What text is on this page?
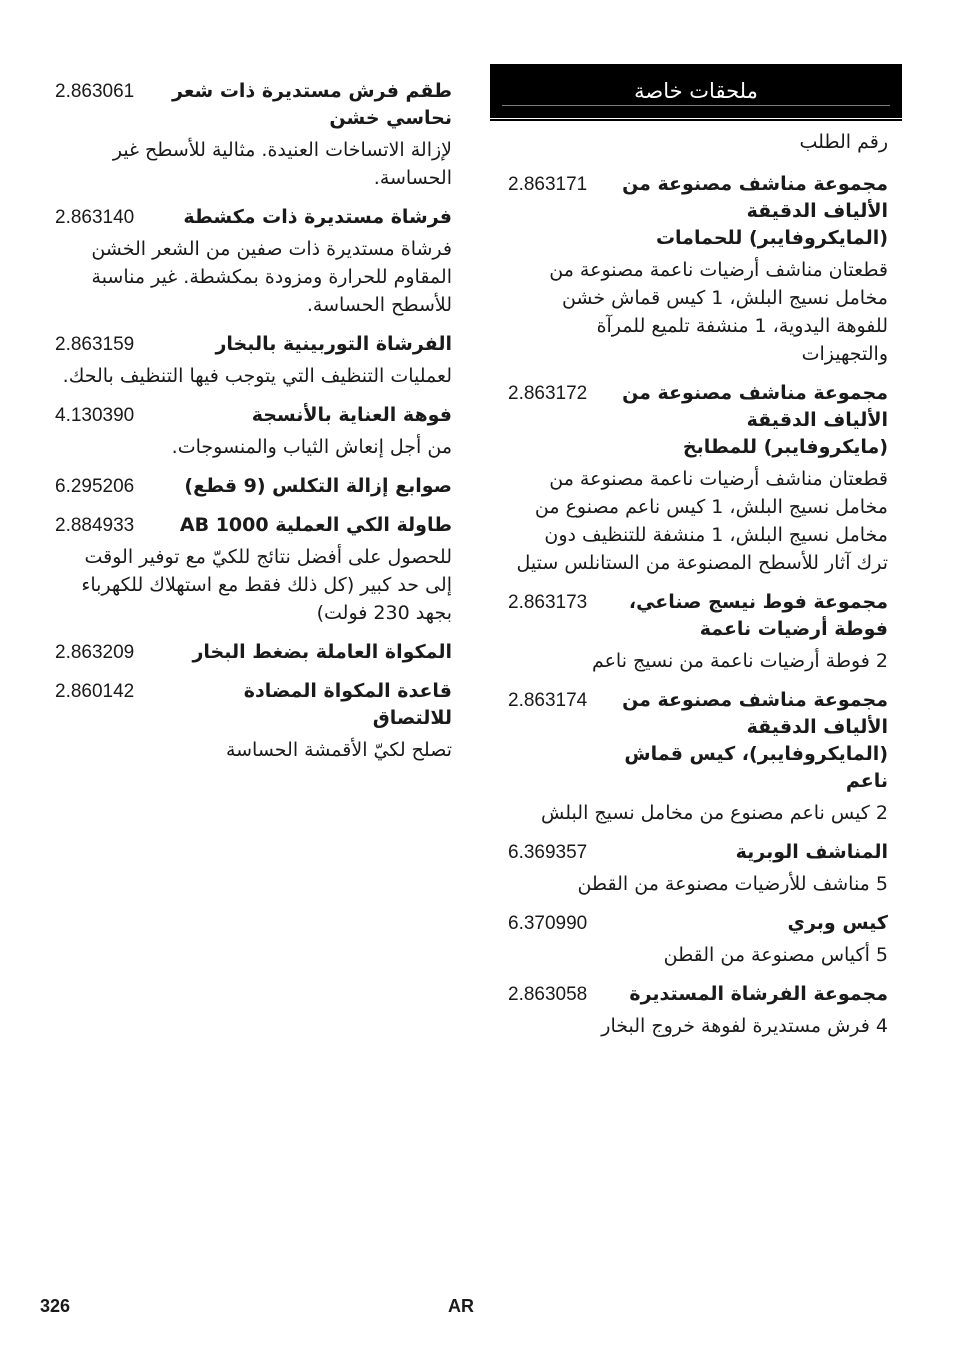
ملحقات خاصة
رقم الطلب
مجموعة مناشف مصنوعة من الألياف الدقيقة (المايكروفايبر) للحمامات
2.863171
قطعتان مناشف أرضيات ناعمة مصنوعة من مخامل نسيج البلش، 1 كيس قماش خشن للفوهة اليدوية، 1 منشفة تلميع للمرآة والتجهيزات
مجموعة مناشف مصنوعة من الألياف الدقيقة (مايكروفايبر) للمطابخ
2.863172
قطعتان مناشف أرضيات ناعمة مصنوعة من مخامل نسيج البلش، 1 كيس ناعم مصنوع من مخامل نسيج البلش، 1 منشفة للتنظيف دون ترك آثار للأسطح المصنوعة من الستانلس ستيل
مجموعة فوط نيسج صناعي، فوطة أرضيات ناعمة
2.863173
2 فوطة أرضيات ناعمة من نسيج ناعم
مجموعة مناشف مصنوعة من الألياف الدقيقة (المايكروفايبر)، كيس قماش ناعم
2.863174
2 كيس ناعم مصنوع من مخامل نسيج البلش
المناشف الوبرية
6.369357
5 مناشف للأرضيات مصنوعة من القطن
كيس وبري
6.370990
5 أكياس مصنوعة من القطن
مجموعة الفرشاة المستديرة
2.863058
4 فرش مستديرة لفوهة خروج البخار
طقم فرش مستديرة ذات شعر نحاسي خشن
2.863061
لإزالة الاتساخات العنيدة. مثالية للأسطح غير الحساسة.
فرشاة مستديرة ذات مكشطة
2.863140
فرشاة مستديرة ذات صفين من الشعر الخشن المقاوم للحرارة ومزودة بمكشطة. غير مناسبة للأسطح الحساسة.
الفرشاة التوربينية بالبخار
2.863159
لعمليات التنظيف التي يتوجب فيها التنظيف بالحك.
فوهة العناية بالأنسجة
4.130390
من أجل إنعاش الثياب والمنسوجات.
صوابع إزالة التكلس (9 قطع)
6.295206
طاولة الكي العملية AB 1000
2.884933
للحصول على أفضل نتائج للكيّ مع توفير الوقت إلى حد كبير (كل ذلك فقط مع استهلاك للكهرباء بجهد 230 فولت)
المكواة العاملة بضغط البخار
2.863209
قاعدة المكواة المضادة للالتصاق
2.860142
تصلح لكيّ الأقمشة الحساسة
326	AR
